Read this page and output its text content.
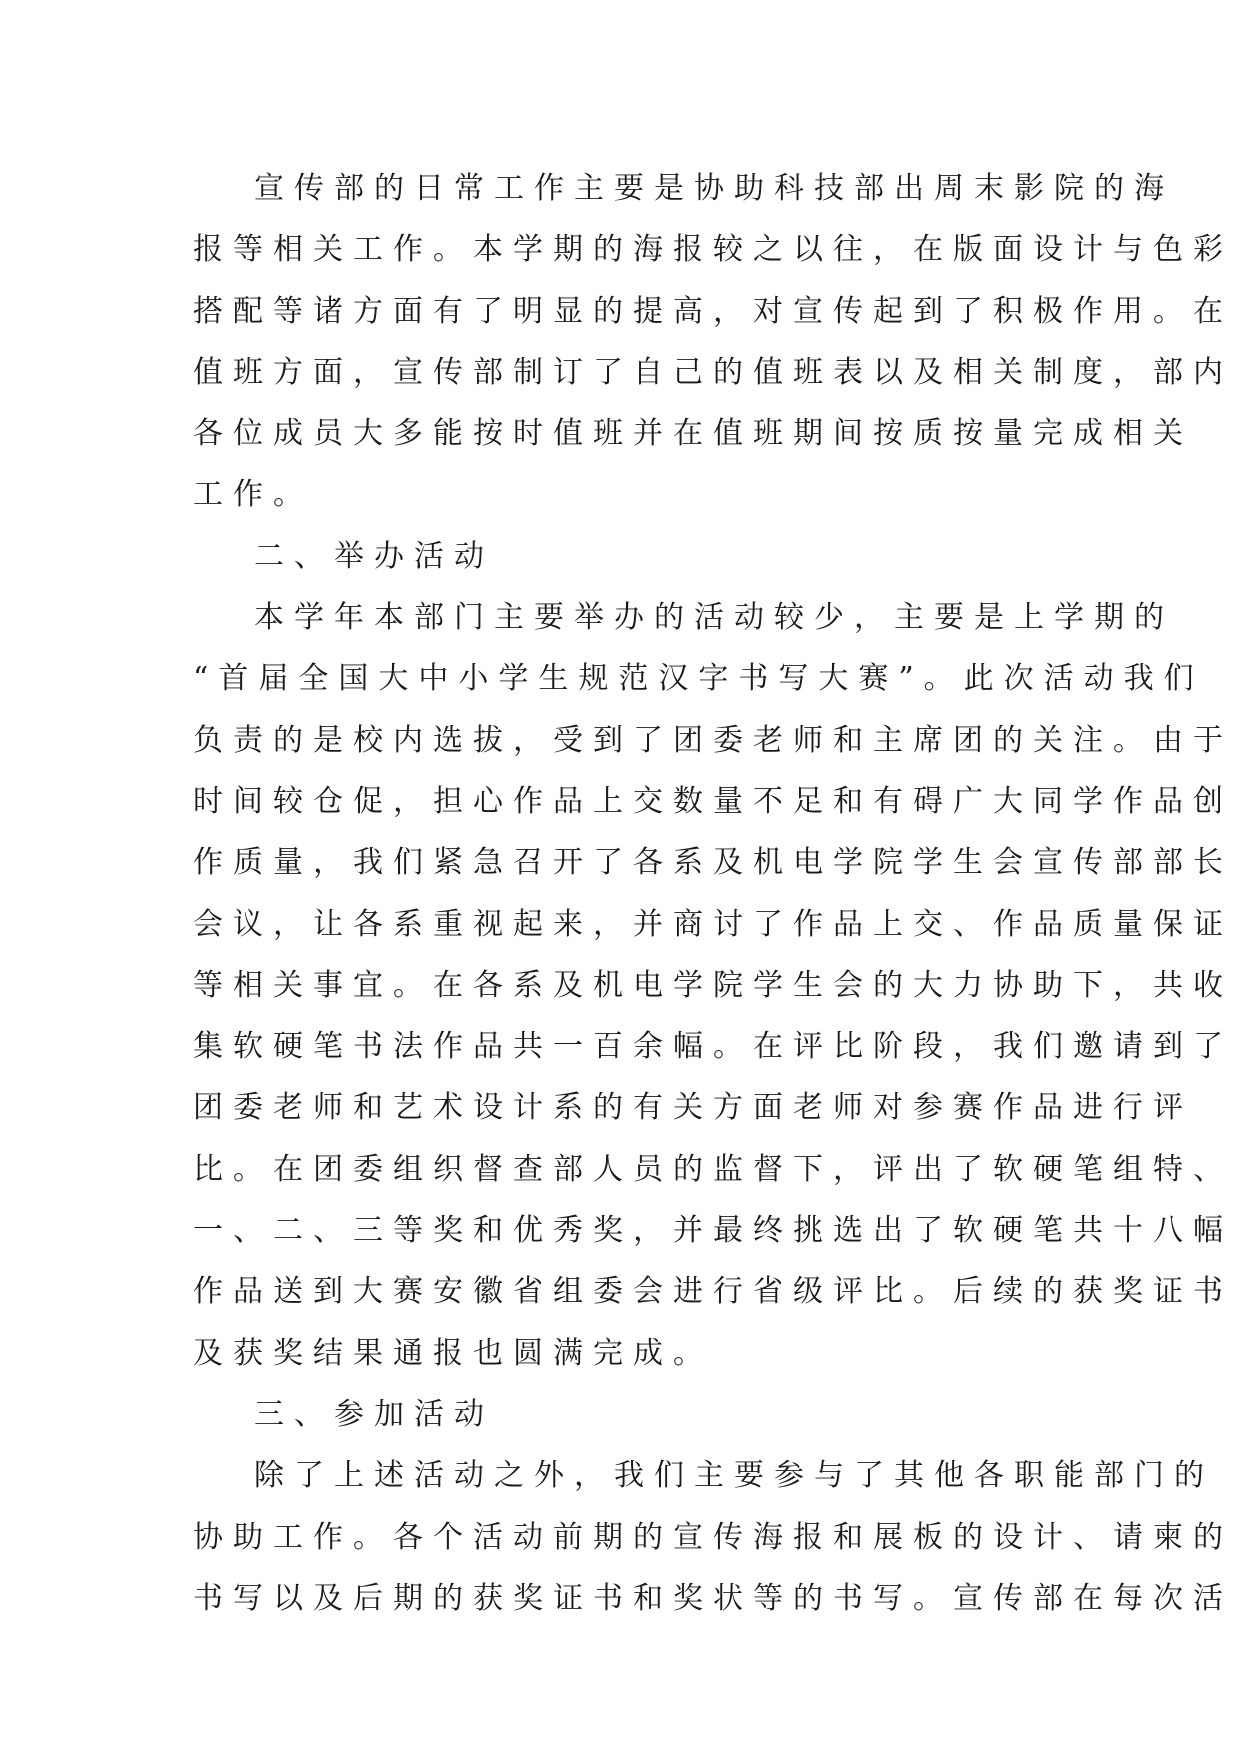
宣传部的日常工作主要是协助科技部出周末影院的海
报等相关工作。本学期的海报较之以往，在版面设计与色彩
搭配等诸方面有了明显的提高，对宣传起到了积极作用。在
值班方面，宣传部制订了自己的值班表以及相关制度，部内
各位成员大多能按时值班并在值班期间按质按量完成相关
工作。
二、举办活动
本学年本部门主要举办的活动较少，主要是上学期的
“首届全国大中小学生规范汉字书写大赛”。此次活动我们
负责的是校内选拔，受到了团委老师和主席团的关注。由于
时间较仓促，担心作品上交数量不足和有碍广大同学作品创
作质量，我们紧急召开了各系及机电学院学生会宣传部部长
会议，让各系重视起来，并商讨了作品上交、作品质量保证
等相关事宜。在各系及机电学院学生会的大力协助下，共收
集软硬笔书法作品共一百余幅。在评比阶段，我们邀请到了
团委老师和艺术设计系的有关方面老师对参赛作品进行评
比。在团委组织督查部人员的监督下，评出了软硬笔组特、
一、二、三等奖和优秀奖，并最终挑选出了软硬笔共十八幅
作品送到大赛安徽省组委会进行省级评比。后续的获奖证书
及获奖结果通报也圆满完成。
三、参加活动
除了上述活动之外，我们主要参与了其他各职能部门的
协助工作。各个活动前期的宣传海报和展板的设计、请柬的
书写以及后期的获奖证书和奖状等的书写。宣传部在每次活
